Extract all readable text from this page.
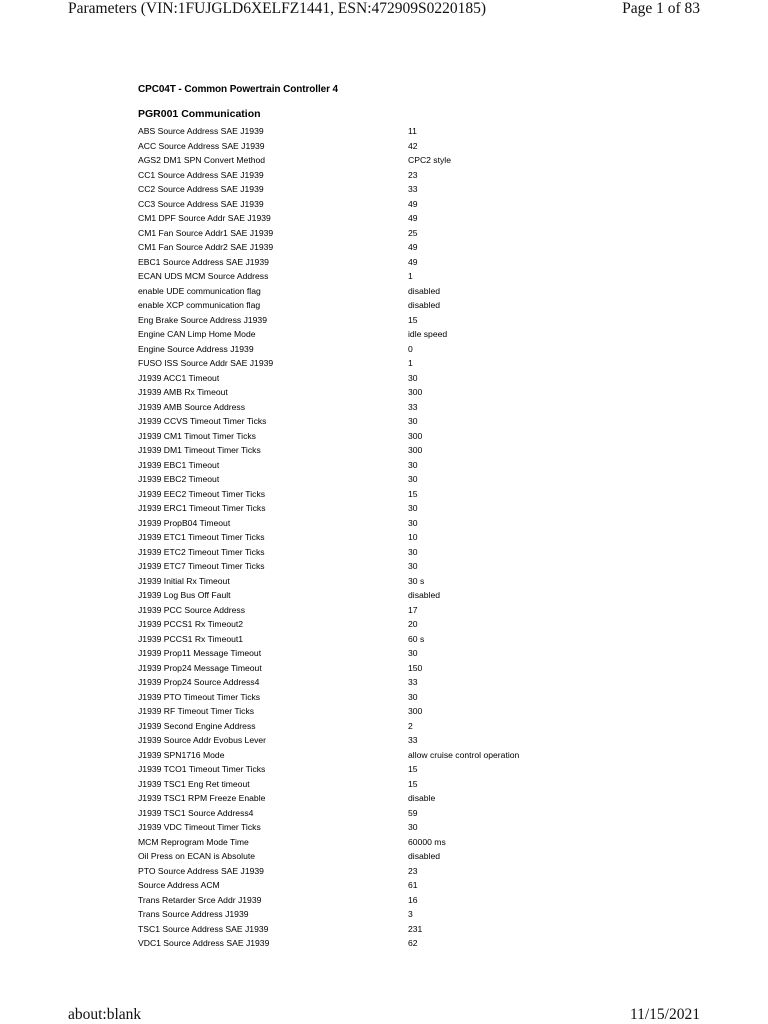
Parameters (VIN:1FUJGLD6XELFZ1441, ESN:472909S0220185)	Page 1 of 83
CPC04T - Common Powertrain Controller 4
PGR001 Communication
ABS Source Address SAE J1939	11
ACC Source Address SAE J1939	42
AGS2 DM1 SPN Convert Method	CPC2 style
CC1 Source Address SAE J1939	23
CC2 Source Address SAE J1939	33
CC3 Source Address SAE J1939	49
CM1 DPF Source Addr SAE J1939	49
CM1 Fan Source Addr1 SAE J1939	25
CM1 Fan Source Addr2 SAE J1939	49
EBC1 Source Address SAE J1939	49
ECAN UDS MCM Source Address	1
enable UDE communication flag	disabled
enable XCP communication flag	disabled
Eng Brake Source Address J1939	15
Engine CAN Limp Home Mode	idle speed
Engine Source Address J1939	0
FUSO ISS Source Addr SAE J1939	1
J1939 ACC1 Timeout	30
J1939 AMB Rx Timeout	300
J1939 AMB Source Address	33
J1939 CCVS Timeout Timer Ticks	30
J1939 CM1 Timout Timer Ticks	300
J1939 DM1 Timeout Timer Ticks	300
J1939 EBC1 Timeout	30
J1939 EBC2 Timeout	30
J1939 EEC2 Timeout Timer Ticks	15
J1939 ERC1 Timeout Timer Ticks	30
J1939 PropB04 Timeout	30
J1939 ETC1 Timeout Timer Ticks	10
J1939 ETC2 Timeout Timer Ticks	30
J1939 ETC7 Timeout Timer Ticks	30
J1939 Initial Rx Timeout	30 s
J1939 Log Bus Off Fault	disabled
J1939 PCC Source Address	17
J1939 PCCS1 Rx Timeout2	20
J1939 PCCS1 Rx Timeout1	60 s
J1939 Prop11 Message Timeout	30
J1939 Prop24 Message Timeout	150
J1939 Prop24 Source Address4	33
J1939 PTO Timeout Timer Ticks	30
J1939 RF Timeout Timer Ticks	300
J1939 Second Engine Address	2
J1939 Source Addr Evobus Lever	33
J1939 SPN1716 Mode	allow cruise control operation
J1939 TCO1 Timeout Timer Ticks	15
J1939 TSC1 Eng Ret timeout	15
J1939 TSC1 RPM Freeze Enable	disable
J1939 TSC1 Source Address4	59
J1939 VDC Timeout Timer Ticks	30
MCM Reprogram Mode Time	60000 ms
Oil Press on ECAN is Absolute	disabled
PTO Source Address SAE J1939	23
Source Address ACM	61
Trans Retarder Srce Addr J1939	16
Trans Source Address J1939	3
TSC1 Source Address SAE J1939	231
VDC1 Source Address SAE J1939	62
about:blank	11/15/2021
